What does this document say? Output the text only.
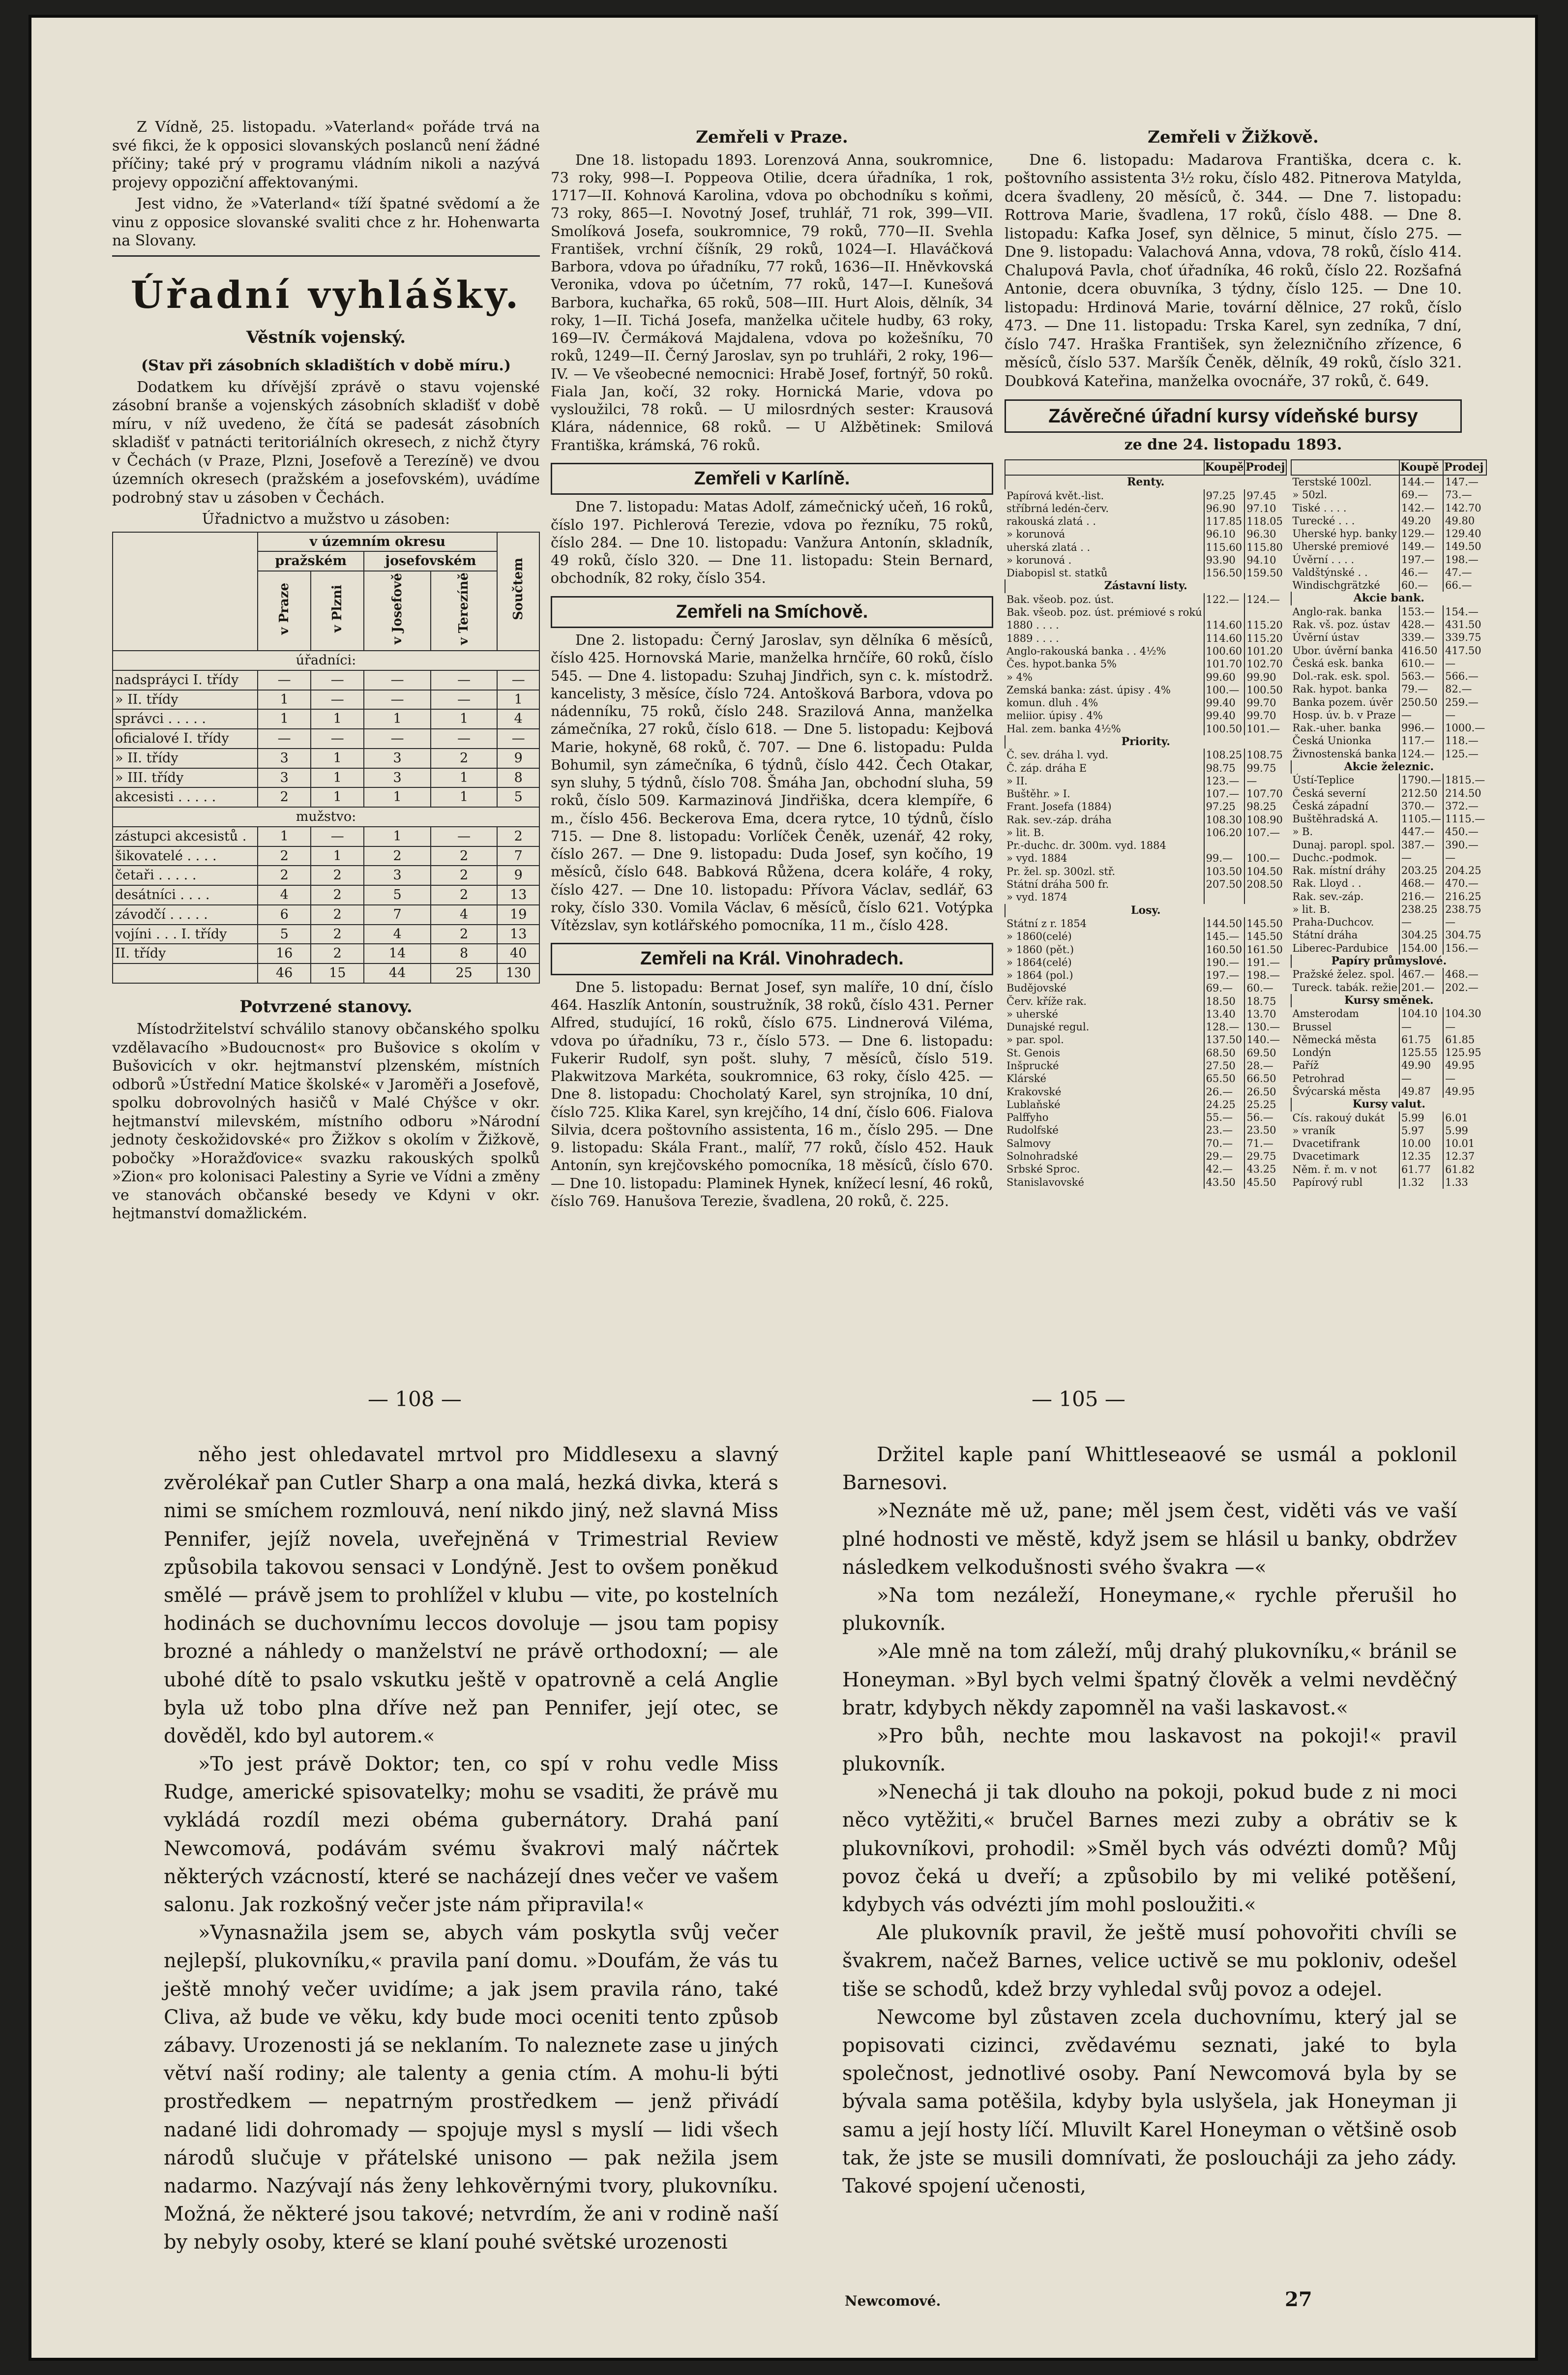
Z Vídně, 25. listopadu. »Vaterland« pořáde trvá na své fikci, že k opposici slovanských poslanců není žádné příčiny; také prý v programu vládním nikoli a nazývá projevy oppoziční affektovanými.

Jest vidno, že »Vaterland« tíží špatné svědomí a že vinu z opposice slovanské svaliti chce z hr. Hohenwarta na Slovany.

Úřadní vyhlášky.
Věstník vojenský.
(Stav při zásobních skladištích v době míru.)

Dodatkem ku dřívější zprávě o stavu vojenské zásobní branše a vojenských zásobních skladišť v době míru, v níž uvedeno, že čítá se padesát zásobních skladišť v patnácti teritoriálních okresech, z nichž čtyry v Čechách (v Praze, Plzni, Josefově a Terezíně) ve dvou územních okresech (pražském a josefovském), uvádíme podrobný stav u zásoben v Čechách.

Úřadnictvo a mužstvo u zásoben:
	v územním okresu				Součtem
	pražském		josefovském		
	v Praze	v Plzni	v Josefově	v Terezíně	
úřadníci:					
nadspráyci I. třídy	—	—	—	—	—
» II. třídy	1	—	—	—	1
správci . . . . .	1	1	1	1	4
oficialové I. třídy	—	—	—	—	—
» II. třídy	3	1	3	2	9
» III. třídy	3	1	3	1	8
akcesisti . . . . .	2	1	1	1	5
mužstvo:					
zástupci akcesistů .	1	—	1	—	2
šikovatelé . . . .	2	1	2	2	7
četaři . . . . .	2	2	3	2	9
desátníci . . . .	4	2	5	2	13
závodčí . . . . .	6	2	7	4	19
vojíni . . . I. třídy	5	2	4	2	13
II. třídy	16	2	14	8	40
	46	15	44	25	130
Potvrzené stanovy.

Místodržitelství schválilo stanovy občanského spolku vzdělavacího »Budoucnost« pro Bušovice s okolím v Bušovicích v okr. hejtmanství plzenském, místních odborů »Ústřední Matice školské« v Jaroměři a Josefově, spolku dobrovolných hasičů v Malé Chýšce v okr. hejtmanství milevském, místního odboru »Národní jednoty českožidovské« pro Žižkov s okolím v Žižkově, pobočky »Horažďovice« svazku rakouských spolků »Zion« pro kolonisaci Palestiny a Syrie ve Vídni a změny ve stanovách občanské besedy ve Kdyni v okr. hejtmanství domažlickém.

Zemřeli v Praze.

Dne 18. listopadu 1893. Lorenzová Anna, soukromnice, 73 roky, 998—I. Poppeova Otilie, dcera úřadníka, 1 rok, 1717—II. Kohnová Karolina, vdova po obchodníku s koňmi, 73 roky, 865—I. Novotný Josef, truhlář, 71 rok, 399—VII. Smolíková Josefa, soukromnice, 79 roků, 770—II. Svehla František, vrchní číšník, 29 roků, 1024—I. Hlaváčková Barbora, vdova po úřadníku, 77 roků, 1636—II. Hněvkovská Veronika, vdova po účetním, 77 roků, 147—I. Kunešová Barbora, kuchařka, 65 roků, 508—III. Hurt Alois, dělník, 34 roky, 1—II. Tichá Josefa, manželka učitele hudby, 63 roky, 169—IV. Čermáková Majdalena, vdova po kožešníku, 70 roků, 1249—II. Černý Jaroslav, syn po truhláři, 2 roky, 196—IV. — Ve všeobecné nemocnici: Hrabě Josef, fortnýř, 50 roků. Fiala Jan, kočí, 32 roky. Hornická Marie, vdova po vysloužilci, 78 roků. — U milosrdných sester: Krausová Klára, nádennice, 68 roků. — U Alžbětinek: Smilová Františka, krámská, 76 roků.

Zemřeli v Karlíně.

Dne 7. listopadu: Matas Adolf, zámečnický učeň, 16 roků, číslo 197. Pichlerová Terezie, vdova po řezníku, 75 roků, číslo 284. — Dne 10. listopadu: Vanžura Antonín, skladník, 49 roků, číslo 320. — Dne 11. listopadu: Stein Bernard, obchodník, 82 roky, číslo 354.

Zemřeli na Smíchově.

Dne 2. listopadu: Černý Jaroslav, syn dělníka 6 měsíců, číslo 425. Hornovská Marie, manželka hrnčíře, 60 roků, číslo 545. — Dne 4. listopadu: Szuhaj Jindřich, syn c. k. místodrž. kancelisty, 3 měsíce, číslo 724. Antošková Barbora, vdova po nádenníku, 75 roků, číslo 248. Srazilová Anna, manželka zámečníka, 27 roků, číslo 618. — Dne 5. listopadu: Kejbová Marie, hokyně, 68 roků, č. 707. — Dne 6. listopadu: Pulda Bohumil, syn zámečníka, 6 týdnů, číslo 442. Čech Otakar, syn sluhy, 5 týdnů, číslo 708. Šmáha Jan, obchodní sluha, 59 roků, číslo 509. Karmazinová Jindřiška, dcera klempíře, 6 m., číslo 456. Beckerova Ema, dcera rytce, 10 týdnů, číslo 715. — Dne 8. listopadu: Vorlíček Čeněk, uzenář, 42 roky, číslo 267. — Dne 9. listopadu: Duda Josef, syn kočího, 19 měsíců, číslo 648. Babková Růžena, dcera koláře, 4 roky, číslo 427. — Dne 10. listopadu: Přívora Václav, sedlář, 63 roky, číslo 330. Vomila Václav, 6 měsíců, číslo 621. Votýpka Vítězslav, syn kotlářského pomocníka, 11 m., číslo 428.

Zemřeli na Král. Vinohradech.

Dne 5. listopadu: Bernat Josef, syn malíře, 10 dní, číslo 464. Haszlík Antonín, soustružník, 38 roků, číslo 431. Perner Alfred, studující, 16 roků, číslo 675. Lindnerová Viléma, vdova po úřadníku, 73 r., číslo 573. — Dne 6. listopadu: Fukerir Rudolf, syn pošt. sluhy, 7 měsíců, číslo 519. Plakwitzova Markéta, soukromnice, 63 roky, číslo 425. — Dne 8. listopadu: Chocholatý Karel, syn strojníka, 10 dní, číslo 725. Klika Karel, syn krejčího, 14 dní, číslo 606. Fialova Silvia, dcera poštovního assistenta, 16 m., číslo 295. — Dne 9. listopadu: Skála Frant., malíř, 77 roků, číslo 452. Hauk Antonín, syn krejčovského pomocníka, 18 měsíců, číslo 670. — Dne 10. listopadu: Plaminek Hynek, knížecí lesní, 46 roků, číslo 769. Hanušova Terezie, švadlena, 20 roků, č. 225.

Zemřeli v Žižkově.

Dne 6. listopadu: Madarova Františka, dcera c. k. poštovního assistenta 3½ roku, číslo 482. Pitnerova Matylda, dcera švadleny, 20 měsíců, č. 344. — Dne 7. listopadu: Rottrova Marie, švadlena, 17 roků, číslo 488. — Dne 8. listopadu: Kafka Josef, syn dělnice, 5 minut, číslo 275. — Dne 9. listopadu: Valachová Anna, vdova, 78 roků, číslo 414. Chalupová Pavla, choť úřadníka, 46 roků, číslo 22. Rozšafná Antonie, dcera obuvníka, 3 týdny, číslo 125. — Dne 10. listopadu: Hrdinová Marie, tovární dělnice, 27 roků, číslo 473. — Dne 11. listopadu: Trska Karel, syn zedníka, 7 dní, číslo 747. Hraška František, syn železničního zřízence, 6 měsíců, číslo 537. Maršík Čeněk, dělník, 49 roků, číslo 321. Doubková Kateřina, manželka ovocnáře, 37 roků, č. 649.

Závěrečné úřadní kursy vídeňské bursy
ze dne 24. listopadu 1893.
	Koupě	Prodej
Renty.		
Papírová květ.-list.	97.25	97.45
stříbrná ledén-červ.	96.90	97.10
rakouská zlatá . .	117.85	118.05
» korunová	96.10	96.30
uherská zlatá . .	115.60	115.80
» korunová .	93.90	94.10
Diabopisl st. statků	156.50	159.50
Zástavní listy.		
Bak. všeob. poz. úst.	122.—	124.—
Bak. všeob. poz. úst. prémiové s rokú		
1880 . . . .	114.60	115.20
1889 . . . .	114.60	115.20
Anglo-rakouská banka . . 4½%	100.60	101.20
Čes. hypot.banka 5%	101.70	102.70
» 4%	99.60	99.90
Zemská banka: zást. úpisy . 4%	100.—	100.50
komun. dluh . 4%	99.40	99.70
meliior. úpisy . 4%	99.40	99.70
Hal. zem. banka 4½%	100.50	101.—
Priority.		
Č. sev. dráha l. vyd.	108.25	108.75
Č. záp. dráha E	98.75	99.75
» II.	123.—	—
Buštěhr. » I.	107.—	107.70
Frant. Josefa (1884)	97.25	98.25
Rak. sev.-záp. dráha	108.30	108.90
» lit. B.	106.20	107.—
Pr.-duchc. dr. 300m. vyd. 1884		
» vyd. 1884	99.—	100.—
Pr. žel. sp. 300zl. stř.	103.50	104.50
Státní dráha 500 fr.	207.50	208.50
» vyd. 1874		
Losy.		
Státní z r. 1854	144.50	145.50
» 1860(celé)	145.—	145.50
» 1860 (pět.)	160.50	161.50
» 1864(celé)	190.—	191.—
» 1864 (pol.)	197.—	198.—
Budějovské	69.—	60.—
Červ. kříže rak.	18.50	18.75
» uherské	13.40	13.70
Dunajské regul.	128.—	130.—
» par. spol.	137.50	140.—
St. Genois	68.50	69.50
Inšprucké	27.50	28.—
Klárské	65.50	66.50
Krakovské	26.—	26.50
Lublaňské	24.25	25.25
Palffyho	55.—	56.—
Rudolfské	23.—	23.50
Salmovy	70.—	71.—
Solnohradské	29.—	29.75
Srbské Sproc.	42.—	43.25
Stanislavovské	43.50	45.50
	Koupě	Prodej
Terstské 100zl.	144.—	147.—
» 50zl.	69.—	73.—
Tiské . . . .	142.—	142.70
Turecké . . .	49.20	49.80
Uherské hyp. banky	129.—	129.40
Uherské premiové	149.—	149.50
Úvěrní . . . .	197.—	198.—
Valdštýnské . .	46.—	47.—
Windischgrätzké	60.—	66.—
Akcie bank.		
Anglo-rak. banka	153.—	154.—
Rak. vš. poz. ústav	428.—	431.50
Úvěrní ústav	339.—	339.75
Ubor. úvěrní banka	416.50	417.50
Česká esk. banka	610.—	—
Dol.-rak. esk. spol.	563.—	566.—
Rak. hypot. banka	79.—	82.—
Banka pozem. úvěr	250.50	259.—
Hosp. úv. b. v Praze	—	—
Rak.-uher. banka	996.—	1000.—
Česká Unionka	117.—	118.—
Živnostenská banka	124.—	125.—
Akcie železnic.		
Ústí-Teplice	1790.—	1815.—
Česká severní	212.50	214.50
Česká západní	370.—	372.—
Buštěhradská A.	1105.—	1115.—
» B.	447.—	450.—
Dunaj. paropl. spol.	387.—	390.—
Duchc.-podmok.	—	—
Rak. místní dráhy	203.25	204.25
Rak. Lloyd . .	468.—	470.—
Rak. sev.-záp.	216.—	216.25
» lit. B.	238.25	238.75
Praha-Duchcov.	—	—
Státní dráha	304.25	304.75
Liberec-Pardubice	154.00	156.—
Papíry průmyslové.		
Pražské želez. spol.	467.—	468.—
Tureck. tabák. režie	201.—	202.—
Kursy směnek.		
Amsterodam	104.10	104.30
Brussel	—	—
Německá města	61.75	61.85
Londýn	125.55	125.95
Paříž	49.90	49.95
Petrohrad	—	—
Švýcarská města	49.87	49.95
Kursy valut.		
Cís. rakouý dukát	5.99	6.01
» vraník	5.97	5.99
Dvacetifrank	10.00	10.01
Dvacetimark	12.35	12.37
Něm. ř. m. v not	61.77	61.82
Papírový rubl	1.32	1.33
— 108 —	— 105 —

něho jest ohledavatel mrtvol pro Middlesexu a slavný zvěrolékař pan Cutler Sharp a ona malá, hezká divka, která s nimi se smíchem rozmlouvá, není nikdo jiný, než slavná Miss Pennifer, jejíž novela, uveřejněná v Trimestrial Review způsobila takovou sensaci v Londýně. Jest to ovšem poněkud smělé — právě jsem to prohlížel v klubu — vite, po kostelních hodinách se duchovnímu leccos dovoluje — jsou tam popisy brozné a náhledy o manželství ne právě orthodoxní; — ale ubohé dítě to psalo vskutku ještě v opatrovně a celá Anglie byla už tobo plna dříve než pan Pennifer, její otec, se dověděl, kdo byl autorem.«

»To jest právě Doktor; ten, co spí v rohu vedle Miss Rudge, americké spisovatelky; mohu se vsaditi, že právě mu vykládá rozdíl mezi obéma gubernátory. Drahá paní Newcomová, podávám svému švakrovi malý náčrtek některých vzácností, které se nacházejí dnes večer ve vašem salonu. Jak rozkošný večer jste nám připravila!«

»Vynasnažila jsem se, abych vám poskytla svůj večer nejlepší, plukovníku,« pravila paní domu. »Doufám, že vás tu ještě mnohý večer uvidíme; a jak jsem pravila ráno, také Cliva, až bude ve věku, kdy bude moci oceniti tento způsob zábavy. Urozenosti já se neklaním. To naleznete zase u jiných větví naší rodiny; ale talenty a genia ctím. A mohu-li býti prostředkem — nepatrným prostředkem — jenž přivádí nadané lidi dohromady — spojuje mysl s myslí — lidi všech národů slučuje v přátelské unisono — pak nežila jsem nadarmo. Nazývají nás ženy lehkověrnými tvory, plukovníku. Možná, že některé jsou takové; netvrdím, že ani v rodině naší by nebyly osoby, které se klaní pouhé světské urozenosti

Držitel kaple paní Whittleseaové se usmál a poklonil Barnesovi.

»Neznáte mě už, pane; měl jsem čest, viděti vás ve vaší plné hodnosti ve městě, když jsem se hlásil u banky, obdržev následkem velkodušnosti svého švakra —«

»Na tom nezáleží, Honeymane,« rychle přerušil ho plukovník.

»Ale mně na tom záleží, můj drahý plukovníku,« bránil se Honeyman. »Byl bych velmi špatný člověk a velmi nevděčný bratr, kdybych někdy zapomněl na vaši laskavost.«

»Pro bůh, nechte mou laskavost na pokoji!« pravil plukovník.

»Nenechá ji tak dlouho na pokoji, pokud bude z ni moci něco vytěžiti,« bručel Barnes mezi zuby a obrátiv se k plukovníkovi, prohodil: »Směl bych vás odvézti domů? Můj povoz čeká u dveří; a způsobilo by mi veliké potěšení, kdybych vás odvézti jím mohl posloužiti.«

Ale plukovník pravil, že ještě musí pohovořiti chvíli se švakrem, načež Barnes, velice uctivě se mu pokloniv, odešel tiše se schodů, kdež brzy vyhledal svůj povoz a odejel.

Newcome byl zůstaven zcela duchovnímu, který jal se popisovati cizinci, zvědavému seznati, jaké to byla společnost, jednotlivé osoby. Paní Newcomová byla by se bývala sama potěšila, kdyby byla uslyšela, jak Honeyman ji samu a její hosty líčí. Mluvilt Karel Honeyman o většině osob tak, že jste se musili domnívati, že posloucháji za jeho zády. Takové spojení učenosti,

Newcomové.	27
